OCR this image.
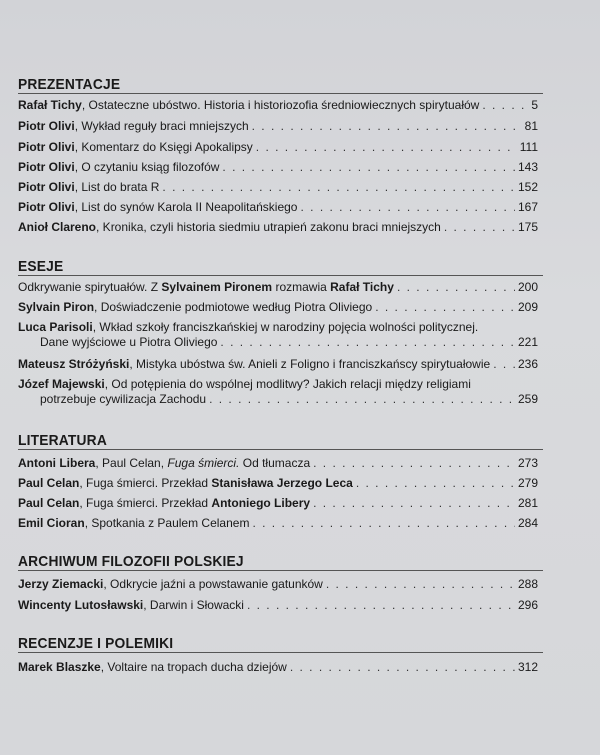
PREZENTACJE
Rafał Tichy, Ostateczne ubóstwo. Historia i historiozofia średniowiecznych spirytuałów . . .	5
Piotr Olivi, Wykład reguły braci mniejszych . . .	81
Piotr Olivi, Komentarz do Księgi Apokalipsy . . .	111
Piotr Olivi, O czytaniu ksiąg filozofów . . .	143
Piotr Olivi, List do brata R . . .	152
Piotr Olivi, List do synów Karola II Neapolitańskiego . . .	167
Anioł Clareno, Kronika, czyli historia siedmiu utrapień zakonu braci mniejszych . . .	175
ESEJE
Odkrywanie spirytuałów. Z Sylvainem Pironem rozmawia Rafał Tichy . . .	200
Sylvain Piron, Doświadczenie podmiotowe według Piotra Oliviego . . .	209
Luca Parisoli, Wkład szkoły franciszkańskiej w narodziny pojęcia wolności politycznej.
Dane wyjściowe u Piotra Oliviego . . .	221
Mateusz Stróżyński, Mistyka ubóstwa św. Anieli z Foligno i franciszkańscy spirytuałowie . . . 236
Józef Majewski, Od potępienia do wspólnej modlitwy? Jakich relacji między religiami
potrzebuje cywilizacja Zachodu . . .	259
LITERATURA
Antoni Libera, Paul Celan, Fuga śmierci. Od tłumacza . . .	273
Paul Celan, Fuga śmierci. Przekład Stanisława Jerzego Leca . . .	279
Paul Celan, Fuga śmierci. Przekład Antoniego Libery . . .	281
Emil Cioran, Spotkania z Paulem Celanem . . .	284
ARCHIWUM FILOZOFII POLSKIEJ
Jerzy Ziemacki, Odkrycie jaźni a powstawanie gatunków . . .	288
Wincenty Lutosławski, Darwin i Słowacki . . .	296
RECENZJE I POLEMIKI
Marek Blaszke, Voltaire na tropach ducha dziejów . . .	312
